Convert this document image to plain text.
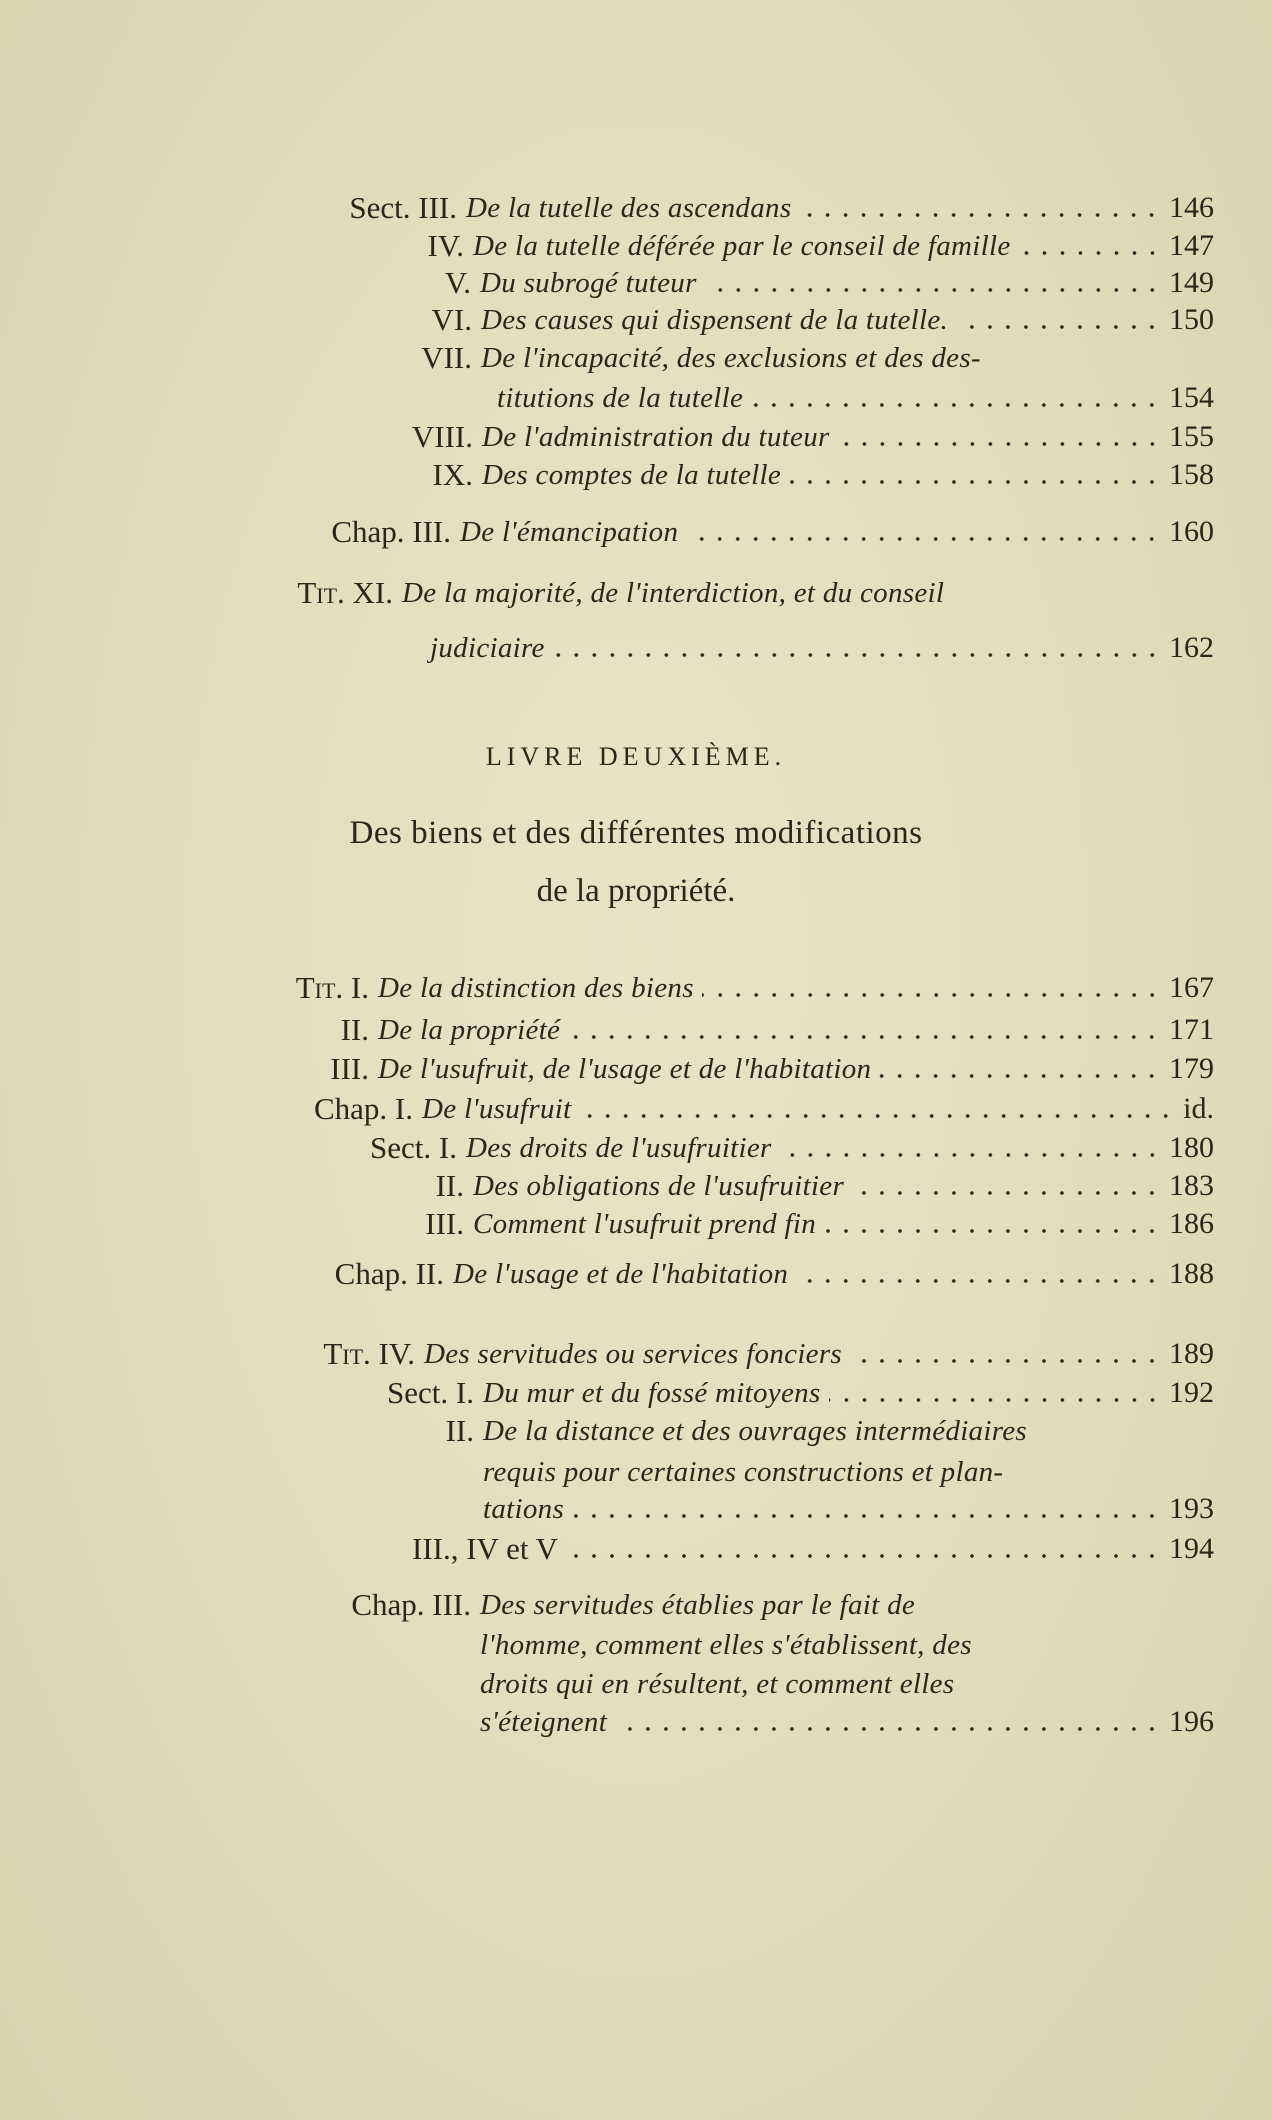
Sect. III. De la tutelle des ascendans	146
IV. De la tutelle déférée par le conseil de famille	147
V. Du subrogé tuteur	149
VI. Des causes qui dispensent de la tutelle.	150
VII. De l'incapacité, des exclusions et des des-
titutions de la tutelle	154
VIII. De l'administration du tuteur	155
IX. Des comptes de la tutelle	158
Chap. III. De l'émancipation	160
Tit. XI. De la majorité, de l'interdiction, et du conseil
judiciaire	162
Tit. I. De la distinction des biens	167
II. De la propriété	171
III. De l'usufruit, de l'usage et de l'habitation	179
Chap. I. De l'usufruit	id.
Sect. I. Des droits de l'usufruitier	180
II. Des obligations de l'usufruitier	183
III. Comment l'usufruit prend fin	186
Chap. II. De l'usage et de l'habitation	188
Tit. IV. Des servitudes ou services fonciers	189
Sect. I. Du mur et du fossé mitoyens	192
II. De la distance et des ouvrages intermédiaires
requis pour certaines constructions et plan-
tations	193
III., IV et V	194
Chap. III. Des servitudes établies par le fait de
l'homme, comment elles s'établissent, des
droits qui en résultent, et comment elles
s'éteignent	196
LIVRE DEUXIÈME.
Des biens et des différentes modifications
de la propriété.
